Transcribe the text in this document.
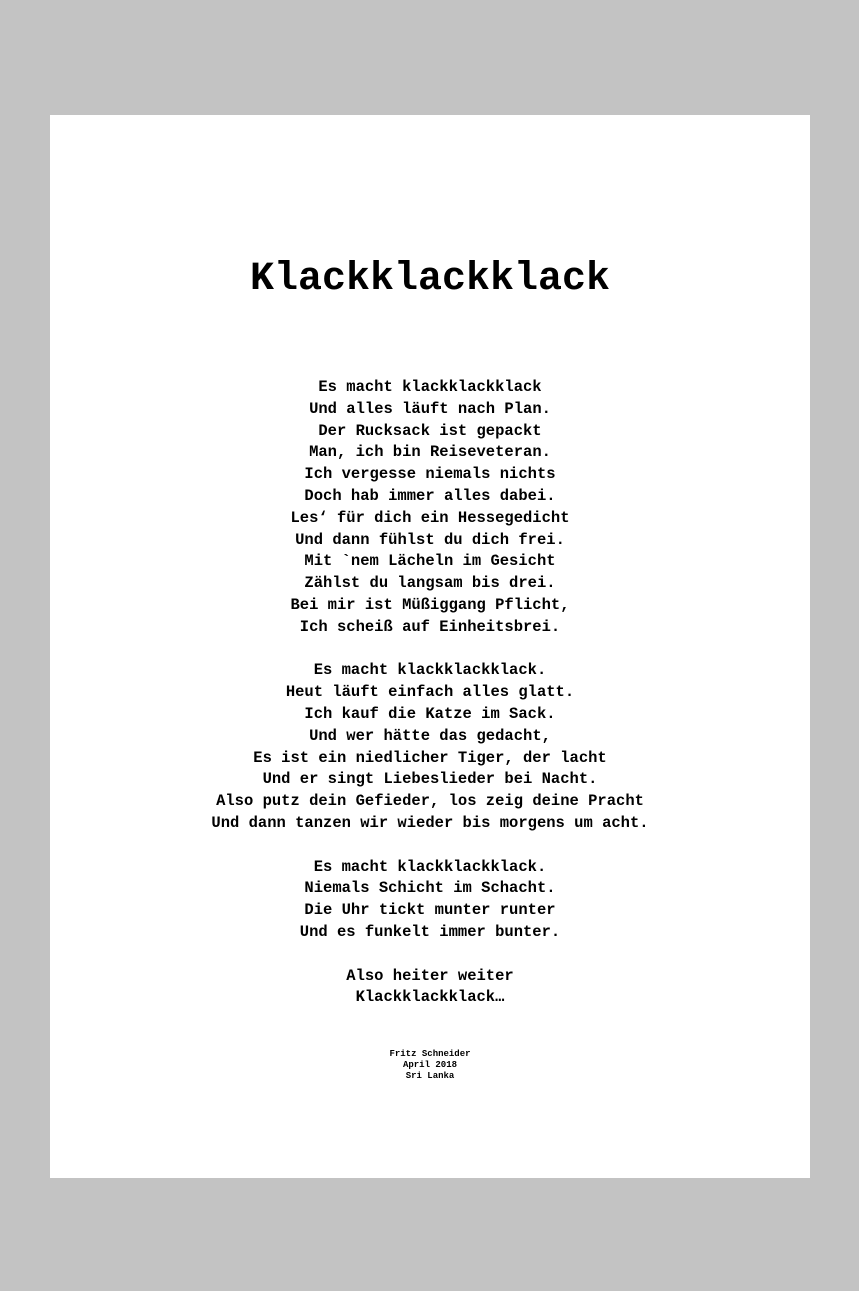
Klackklackklack
Es macht klackklackklack
Und alles läuft nach Plan.
Der Rucksack ist gepackt
Man, ich bin Reiseveteran.
Ich vergesse niemals nichts
Doch hab immer alles dabei.
Les‘ für dich ein Hessegedicht
Und dann fühlst du dich frei.
Mit `nem Lächeln im Gesicht
Zählst du langsam bis drei.
Bei mir ist Müßiggang Pflicht,
Ich scheiß auf Einheitsbrei.
Es macht klackklackklack.
Heut läuft einfach alles glatt.
Ich kauf die Katze im Sack.
Und wer hätte das gedacht,
Es ist ein niedlicher Tiger, der lacht
Und er singt Liebeslieder bei Nacht.
Also putz dein Gefieder, los zeig deine Pracht
Und dann tanzen wir wieder bis morgens um acht.
Es macht klackklackklack.
Niemals Schicht im Schacht.
Die Uhr tickt munter runter
Und es funkelt immer bunter.
Also heiter weiter
Klackklackklack…
Fritz Schneider
April 2018
Sri Lanka
